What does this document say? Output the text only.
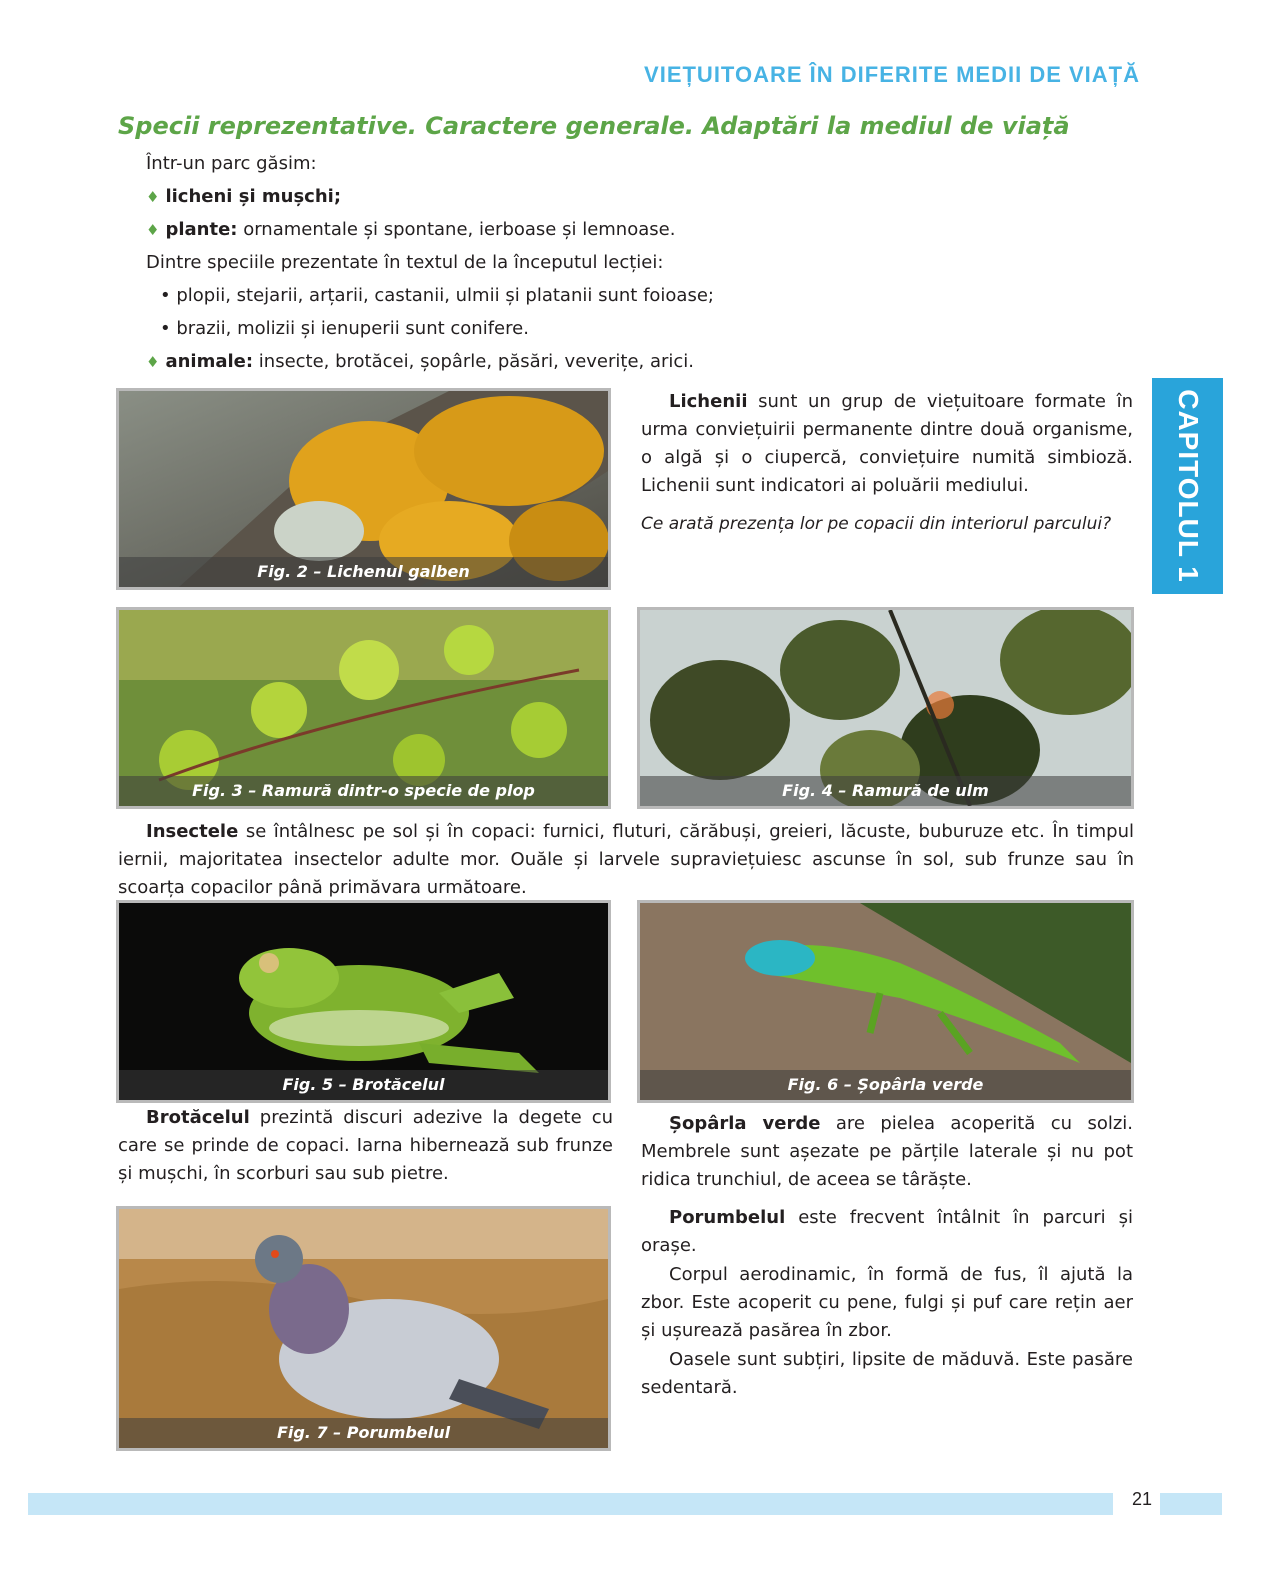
VIEȚUITOARE ÎN DIFERITE MEDII DE VIAȚĂ
Specii reprezentative. Caractere generale. Adaptări la mediul de viață

Într-un parc găsim:

♦ licheni și mușchi;

♦ plante: ornamentale și spontane, ierboase și lemnoase.

Dintre speciile prezentate în textul de la începutul lecției:

• plopii, stejarii, arțarii, castanii, ulmii și platanii sunt foioase;

• brazii, molizii și ienuperii sunt conifere.

♦ animale: insecte, brotăcei, șopârle, păsări, veverițe, arici.

Fig. 2 – Lichenul galben

Lichenii sunt un grup de viețuitoare formate în urma conviețuirii permanente dintre două organisme, o algă și o ciupercă, conviețuire numită simbioză. Lichenii sunt indicatori ai poluării mediului.

Ce arată prezența lor pe copacii din interiorul parcului?	CAPITOLUL 1
Fig. 3 – Ramură dintr-o specie de plop	Fig. 4 – Ramură de ulm

Insectele se întâlnesc pe sol și în copaci: furnici, fluturi, cărăbuși, greieri, lăcuste, buburuze etc. În timpul iernii, majoritatea insectelor adulte mor. Ouăle și larvele supraviețuiesc ascunse în sol, sub frunze sau în scoarța copacilor până primăvara următoare.

Fig. 5 – Brotăcelul	Fig. 6 – Șopârla verde

Brotăcelul prezintă discuri adezive la degete cu care se prinde de copaci. Iarna hibernează sub frunze și mușchi, în scorburi sau sub pietre.

Șopârla verde are pielea acoperită cu solzi. Membrele sunt așezate pe părțile laterale și nu pot ridica trunchiul, de aceea se târăște.

Fig. 7 – Porumbelul

Porumbelul este frecvent întâlnit în parcuri și orașe.

Corpul aerodinamic, în formă de fus, îl ajută la zbor. Este acoperit cu pene, fulgi și puf care rețin aer și ușurează pasărea în zbor.

Oasele sunt subțiri, lipsite de măduvă. Este pasăre sedentară.

21
